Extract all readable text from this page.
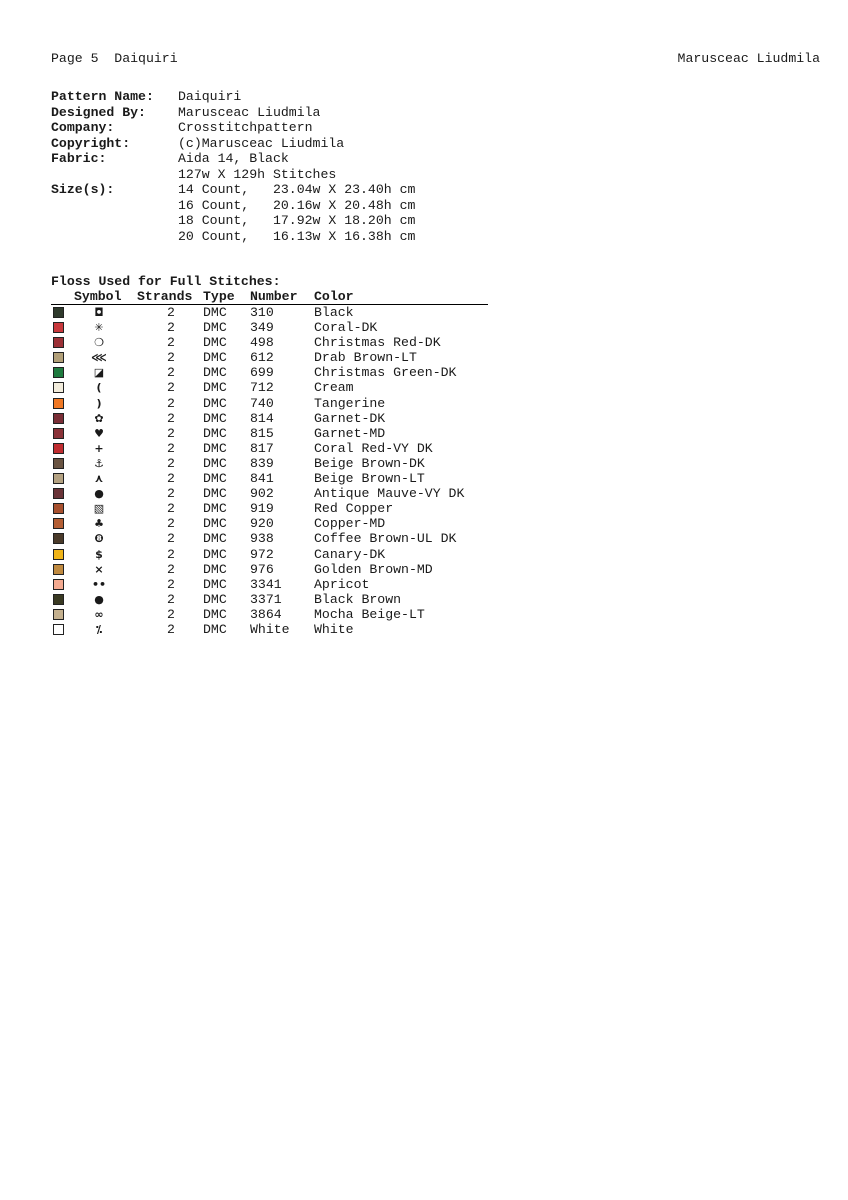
Page 5  Daiquiri	Marusceac Liudmila
Pattern Name:	Daiquiri
Designed By:	Marusceac Liudmila
Company:	Crosstitchpattern
Copyright:	(c)Marusceac Liudmila
Fabric:	Aida 14, Black
127w X 129h Stitches
Size(s):	14 Count,   23.04w X 23.40h cm
16 Count,   20.16w X 20.48h cm
18 Count,   17.92w X 18.20h cm
20 Count,   16.13w X 16.38h cm
Floss Used for Full Stitches:
Symbol Strands Type Number Color
◘	2 DMC 310	Black
✳	2 DMC 349	Coral-DK
❍	2 DMC 498	Christmas Red-DK
⋘	2 DMC 612	Drab Brown-LT
◪	2 DMC 699	Christmas Green-DK
(	2 DMC 712	Cream
)	2 DMC 740	Tangerine
✿	2 DMC 814	Garnet-DK
♥	2 DMC 815	Garnet-MD
+	2 DMC 817	Coral Red-VY DK
⚓	2 DMC 839	Beige Brown-DK
⋏	2 DMC 841	Beige Brown-LT
●	2 DMC 902	Antique Mauve-VY DK
▧	2 DMC 919	Red Copper
♣	2 DMC 920	Copper-MD
❽	2 DMC 938	Coffee Brown-UL DK
$	2 DMC 972	Canary-DK
⨯	2 DMC 976	Golden Brown-MD
••	2 DMC 3341 Apricot
●	2 DMC 3371 Black Brown
∞	2 DMC 3864 Mocha Beige-LT
⁒	2 DMC White White
